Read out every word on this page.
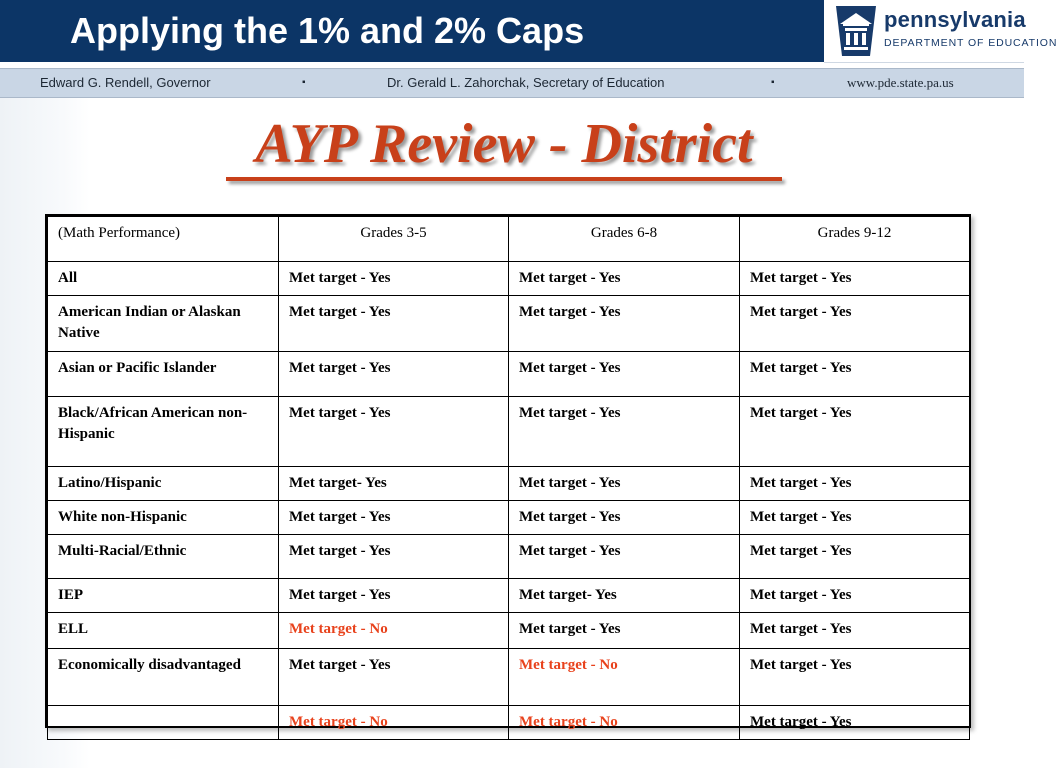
Applying the 1% and 2% Caps	pennsylvania
DEPARTMENT OF EDUCATION
Edward G. Rendell, Governor	▪	Dr. Gerald L. Zahorchak, Secretary of Education	▪	www.pde.state.pa.us
AYP Review - District
(Math Performance)	Grades 3-5	Grades 6-8	Grades 9-12
All	Met target - Yes	Met target - Yes	Met target - Yes
American Indian or Alaskan Native	Met target - Yes	Met target - Yes	Met target - Yes
Asian or Pacific Islander	Met target - Yes	Met target - Yes	Met target - Yes
Black/African American non-Hispanic	Met target - Yes	Met target - Yes	Met target - Yes
Latino/Hispanic	Met target- Yes	Met target - Yes	Met target - Yes
White non-Hispanic	Met target - Yes	Met target - Yes	Met target - Yes
Multi-Racial/Ethnic	Met target - Yes	Met target - Yes	Met target - Yes
IEP	Met target - Yes	Met target- Yes	Met target - Yes
ELL	Met target - No	Met target - Yes	Met target - Yes
Economically disadvantaged	Met target - Yes	Met target - No	Met target - Yes
	Met target - No	Met target - No	Met target - Yes
